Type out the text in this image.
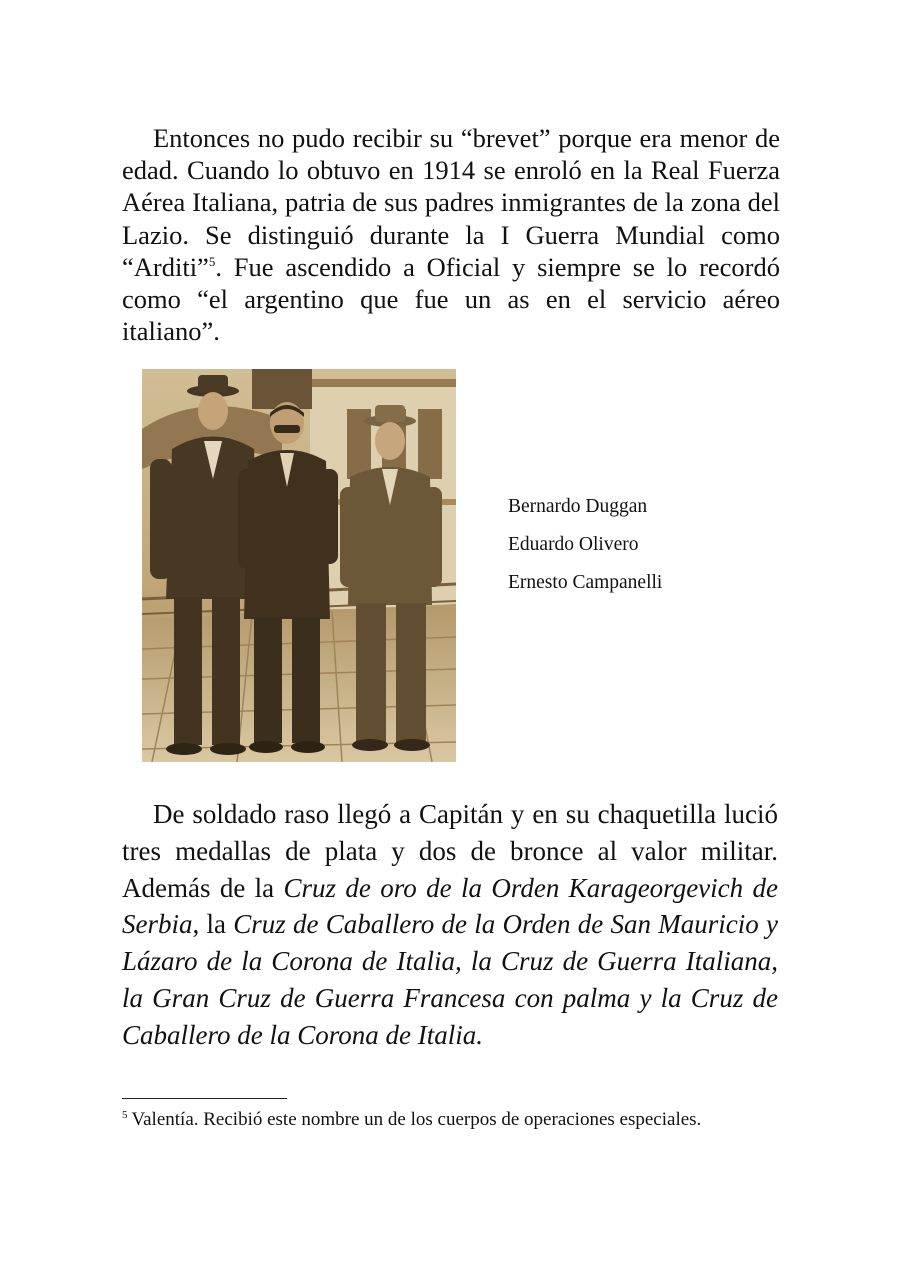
Entonces no pudo recibir su “brevet” porque era menor de edad. Cuando lo obtuvo en 1914 se enroló en la Real Fuerza Aérea Italiana, patria de sus padres inmigrantes de la zona del Lazio. Se distinguió durante la I Guerra Mundial como “Arditi”$^5$. Fue ascendido a Oficial y siempre se lo recordó como “el argentino que fue un as en el servicio aéreo italiano”.

Bernardo Duggan

Eduardo Olivero

Ernesto Campanelli

De soldado raso llegó a Capitán y en su chaquetilla lució tres medallas de plata y dos de bronce al valor militar. Además de la Cruz de oro de la Orden Karageorgevich de Serbia, la Cruz de Caballero de la Orden de San Mauricio y Lázaro de la Corona de Italia, la Cruz de Guerra Italiana, la Gran Cruz de Guerra Francesa con palma y la Cruz de Caballero de la Corona de Italia.

$^5$ Valentía. Recibió este nombre un de los cuerpos de operaciones especiales.
